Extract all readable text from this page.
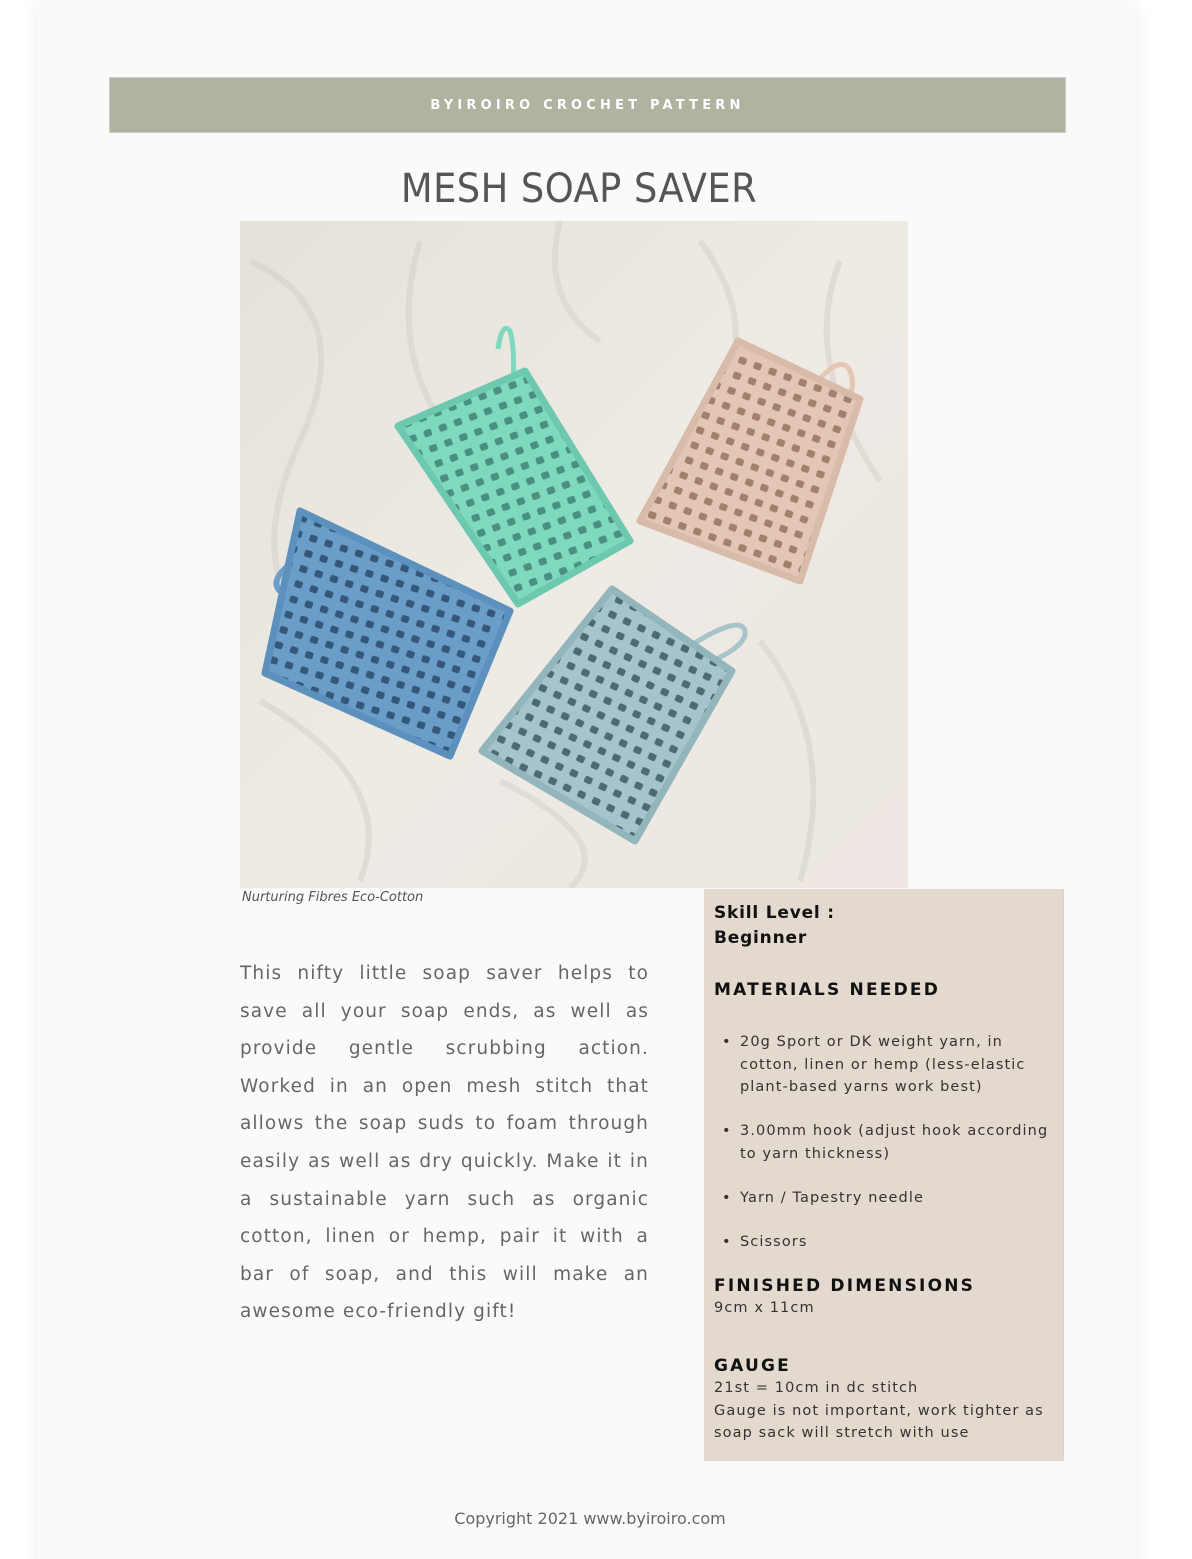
BYIROIRO CROCHET PATTERN
MESH SOAP SAVER
Nurturing Fibres Eco-Cotton

This nifty little soap saver helps to save all your soap ends, as well as provide gentle scrubbing action. Worked in an open mesh stitch that allows the soap suds to foam through easily as well as dry quickly. Make it in a sustainable yarn such as organic cotton, linen or hemp, pair it with a bar of soap, and this will make an awesome eco-friendly gift!

Skill Level :
Beginner
MATERIALS NEEDED
• 20g Sport or DK weight yarn, in cotton, linen or hemp (less-elastic plant-based yarns work best)
• 3.00mm hook (adjust hook according to yarn thickness)
• Yarn / Tapestry needle
• Scissors
FINISHED DIMENSIONS
9cm x 11cm
GAUGE
21st = 10cm in dc stitch
Gauge is not important, work tighter as soap sack will stretch with use
Copyright 2021 www.byiroiro.com
